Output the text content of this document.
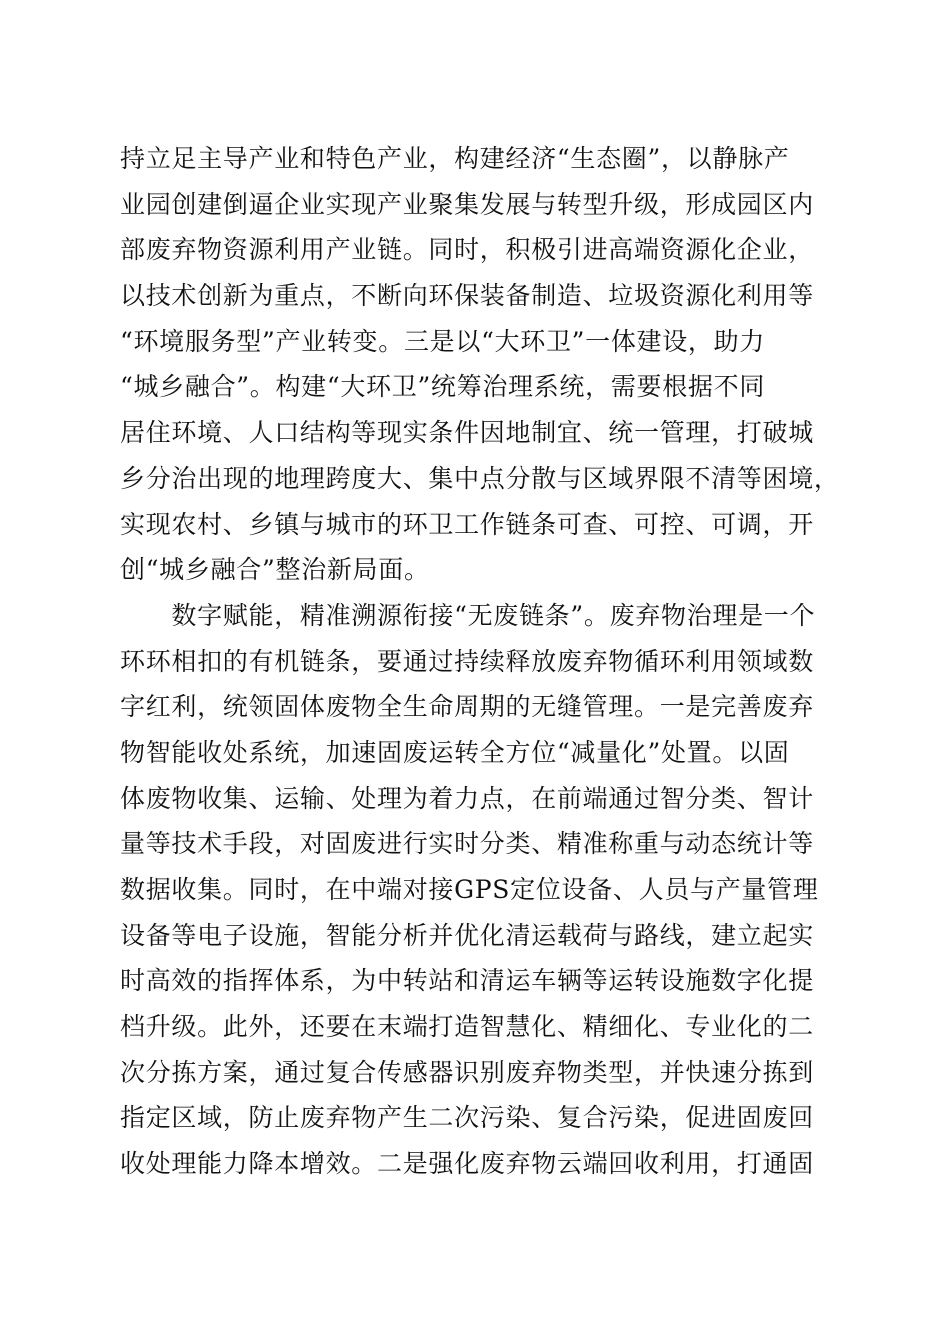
持立足主导产业和特色产业，构建经济“生态圈”，以静脉产
业园创建倒逼企业实现产业聚集发展与转型升级，形成园区内
部废弃物资源利用产业链。同时，积极引进高端资源化企业，
以技术创新为重点，不断向环保装备制造、垃圾资源化利用等
“环境服务型”产业转变。三是以“大环卫”一体建设，助力
“城乡融合”。构建“大环卫”统筹治理系统，需要根据不同
居住环境、人口结构等现实条件因地制宜、统一管理，打破城
乡分治出现的地理跨度大、集中点分散与区域界限不清等困境，
实现农村、乡镇与城市的环卫工作链条可查、可控、可调，开
创“城乡融合”整治新局面。
　　数字赋能，精准溯源衔接“无废链条”。废弃物治理是一个
环环相扣的有机链条，要通过持续释放废弃物循环利用领域数
字红利，统领固体废物全生命周期的无缝管理。一是完善废弃
物智能收处系统，加速固废运转全方位“减量化”处置。以固
体废物收集、运输、处理为着力点，在前端通过智分类、智计
量等技术手段，对固废进行实时分类、精准称重与动态统计等
数据收集。同时，在中端对接GPS定位设备、人员与产量管理
设备等电子设施，智能分析并优化清运载荷与路线，建立起实
时高效的指挥体系，为中转站和清运车辆等运转设施数字化提
档升级。此外，还要在末端打造智慧化、精细化、专业化的二
次分拣方案，通过复合传感器识别废弃物类型，并快速分拣到
指定区域，防止废弃物产生二次污染、复合污染，促进固废回
收处理能力降本增效。二是强化废弃物云端回收利用，打通固
